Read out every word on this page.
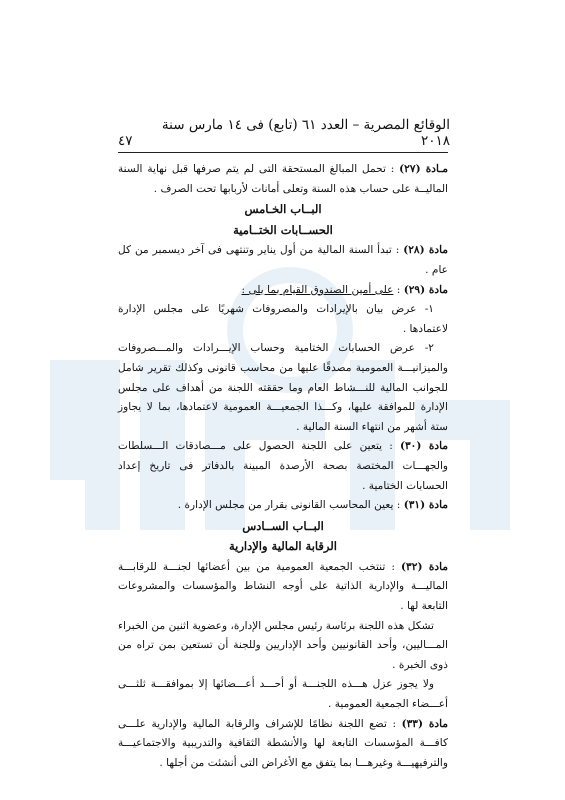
الوقائع المصرية – العدد ٦١ (تابع) فى ١٤ مارس سنة ٢٠١٨
٤٧

مـادة (٢٧) : تحمل المبالغ المستحقة التى لم يتم صرفها قبل نهاية السنة الماليــة على حساب هذه السنة وتعلى أمانات لأربابها تحت الصرف .

البــاب الخـامس
الحســابات الختــامية

مادة (٢٨) : تبدأ السنة المالية من أول يناير وتنتهى فى آخر ديسمبر من كل عام .

مادة (٢٩) : على أمين الصندوق القيام بما يلى :

١- عرض بيان بالإيرادات والمصروفات شهريًا على مجلس الإدارة لاعتمادها .

٢- عرض الحسابات الختامية وحساب الإيـــرادات والمـــصروفات والميزانيـــة العمومية مصدقًا عليها من محاسب قانونى وكذلك تقرير شامل للجوانب المالية للنـــشاط العام وما حققته اللجنة من أهداف على مجلس الإدارة للموافقة عليها، وكـــذا الجمعيـــة العمومية لاعتمادها، بما لا يجاوز ستة أشهر من انتهاء السنة المالية .

مادة (٣٠) : يتعين على اللجنة الحصول على مـــصادقات الـــسلطات والجهـــات المختصة بصحة الأرصدة المبينة بالدفاتر فى تاريخ إعداد الحسابات الختامية .

مادة (٣١) : يعين المحاسب القانونى بقرار من مجلس الإدارة .

البــاب الســادس
الرقابة المالية والإدارية

مادة (٣٢) : تنتخب الجمعية العمومية من بين أعضائها لجنـــة للرقابـــة الماليـــة والإدارية الذاتية على أوجه النشاط والمؤسسات والمشروعات التابعة لها .

تشكل هذه اللجنة برئاسة رئيس مجلس الإدارة، وعضوية اثنين من الخبراء المـــاليين، وأحد القانونيين وأحد الإداريين وللجنة أن تستعين بمن تراه من ذوى الخبرة .

ولا يجوز عزل هـــذه اللجنـــة أو أحـــد أعـــضائها إلا بموافقـــة ثلثـــى أعـــضاء الجمعية العمومية .

مادة (٣٣) : تضع اللجنة نظامًا للإشراف والرقابة المالية والإدارية علـــى كافـــة المؤسسات التابعة لها والأنشطة الثقافية والتدريبية والاجتماعيـــة والترفيهيـــة وغيرهـــا بما يتفق مع الأغراض التى أنشئت من أجلها .
